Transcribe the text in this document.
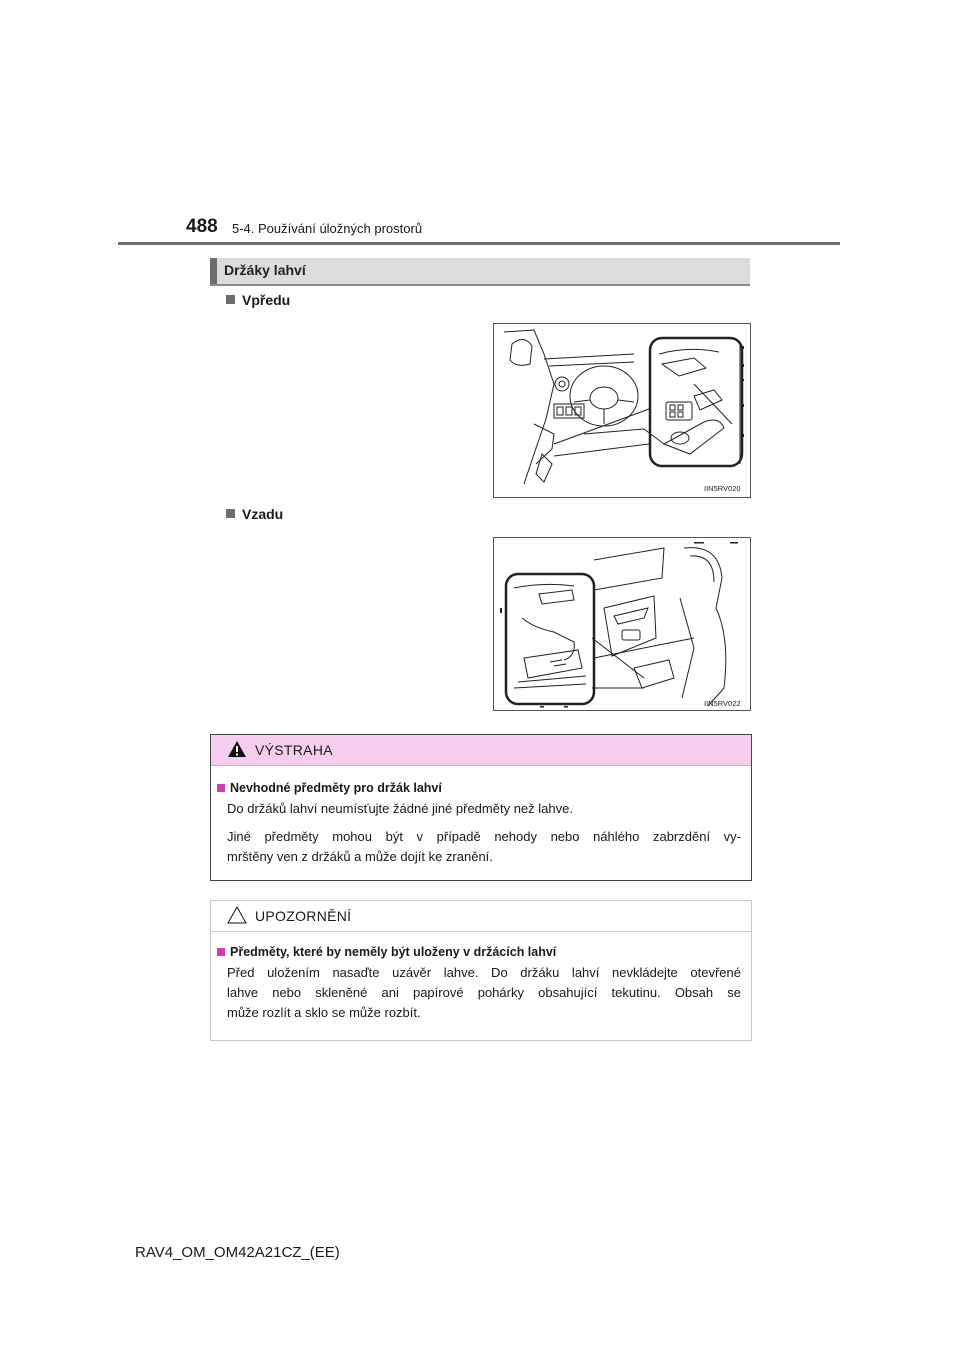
488 5-4. Používání úložných prostorů
Držáky lahví
Vpředu
IIN5RV020
Vzadu
IIN5RV022
VÝSTRAHA
Nevhodné předměty pro držák lahví
Do držáků lahví neumísťujte žádné jiné předměty než lahve.
Jiné předměty mohou být v případě nehody nebo náhlého zabrzdění vy-
mrštěny ven z držáků a může dojít ke zranění.
UPOZORNĚNÍ
Předměty, které by neměly být uloženy v držácích lahví
Před uložením nasaďte uzávěr lahve. Do držáku lahví nevkládejte otevřené
lahve nebo skleněné ani papírové pohárky obsahující tekutinu. Obsah se
může rozlít a sklo se může rozbít.
RAV4_OM_OM42A21CZ_(EE)
